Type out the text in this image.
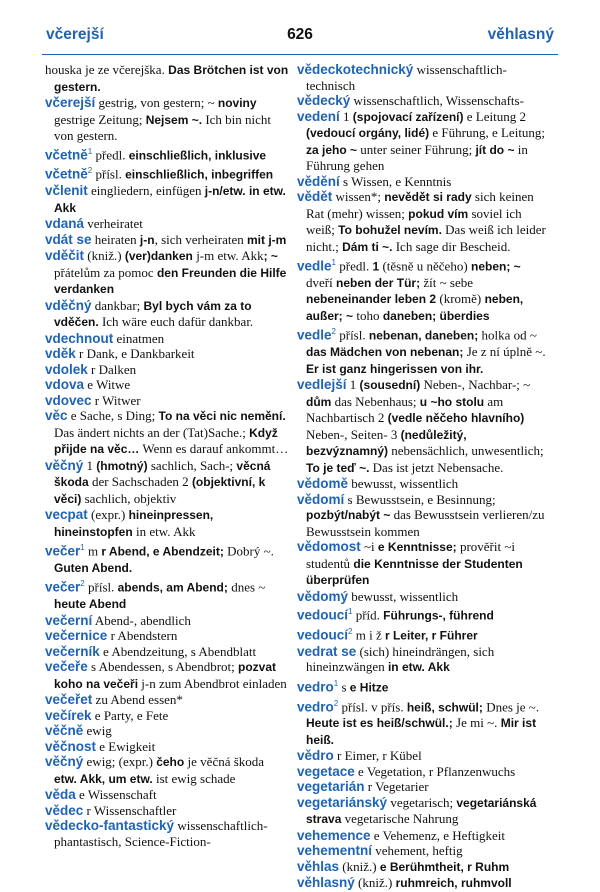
včerejší	626	věhlasný

houska je ze včerejška. Das Brötchen ist von gestern.

včerejší gestrig, von gestern; ~ noviny gestrige Zeitung; Nejsem ~. Ich bin nicht von gestern.

včetně$^1$ předl. einschließlich, inklusive

včetně$^2$ přísl. einschließlich, inbegriffen

včlenit eingliedern, einfügen j-n/etw. in etw. Akk

vdaná verheiratet

vdát se heiraten j-n, sich verheiraten mit j-m

vděčit (kniž.) (ver)danken j-m etw. Akk; ~ přátelům za pomoc den Freunden die Hilfe verdanken

vděčný dankbar; Byl bych vám za to vděčen. Ich wäre euch dafür dankbar.

vdechnout einatmen

vděk r Dank, e Dankbarkeit

vdolek r Dalken

vdova e Witwe

vdovec r Witwer

věc e Sache, s Ding; To na věci nic nemění. Das ändert nichts an der (Tat)Sache.; Když přijde na věc… Wenn es darauf ankommt…

věčný 1 (hmotný) sachlich, Sach-; věcná škoda der Sachschaden 2 (objektivní, k věci) sachlich, objektiv

vecpat (expr.) hineinpressen, hineinstopfen in etw. Akk

večer$^1$ m r Abend, e Abendzeit; Dobrý ~. Guten Abend.

večer$^2$ přísl. abends, am Abend; dnes ~ heute Abend

večerní Abend-, abendlich

večernice r Abendstern

večerník e Abendzeitung, s Abendblatt

večeře s Abendessen, s Abendbrot; pozvat koho na večeři j-n zum Abendbrot einladen

večeřet zu Abend essen*

večírek e Party, e Fete

věčně ewig

věčnost e Ewigkeit

věčný ewig; (expr.) čeho je věčná škoda etw. Akk, um etw. ist ewig schade

věda e Wissenschaft

vědec r Wissenschaftler

vědecko-fantastický wissenschaftlich-phantastisch, Science-Fiction-

vědeckotechnický wissenschaftlich-technisch

vědecký wissenschaftlich, Wissenschafts-

vedení 1 (spojovací zařízení) e Leitung 2 (vedoucí orgány, lidé) e Führung, e Leitung; za jeho ~ unter seiner Führung; jít do ~ in Führung gehen

vědění s Wissen, e Kenntnis

vědět wissen*; nevědět si rady sich keinen Rat (mehr) wissen; pokud vím soviel ich weiß; To bohužel nevím. Das weiß ich leider nicht.; Dám ti ~. Ich sage dir Bescheid.

vedle$^1$ předl. 1 (těsně u něčeho) neben; ~ dveří neben der Tür; žít ~ sebe nebeneinander leben 2 (kromě) neben, außer; ~ toho daneben; überdies

vedle$^2$ přísl. nebenan, daneben; holka od ~ das Mädchen von nebenan; Je z ní úplně ~. Er ist ganz hingerissen von ihr.

vedlejší 1 (sousední) Neben-, Nachbar-; ~ dům das Nebenhaus; u ~ho stolu am Nachbartisch 2 (vedle něčeho hlavního) Neben-, Seiten- 3 (nedůležitý, bezvýznamný) nebensächlich, unwesentlich; To je teď ~. Das ist jetzt Nebensache.

vědomě bewusst, wissentlich

vědomí s Bewusstsein, e Besinnung; pozbýt/nabýt ~ das Bewusstsein verlieren/zu Bewusstsein kommen

vědomost ~i e Kenntnisse; prověřit ~i studentů die Kenntnisse der Studenten überprüfen

vědomý bewusst, wissentlich

vedoucí$^1$ příd. Führungs-, führend

vedoucí$^2$ m i ž r Leiter, r Führer

vedrat se (sich) hineindrängen, sich hineinzwängen in etw. Akk

vedro$^1$ s e Hitze

vedro$^2$ přísl. v přís. heiß, schwül; Dnes je ~. Heute ist es heiß/schwül.; Je mi ~. Mir ist heiß.

vědro r Eimer, r Kübel

vegetace e Vegetation, r Pflanzenwuchs

vegetarián r Vegetarier

vegetariánský vegetarisch; vegetariánská strava vegetarische Nahrung

vehemence e Vehemenz, e Heftigkeit

vehementní vehement, heftig

věhlas (kniž.) e Berühmtheit, r Ruhm

věhlasný (kniž.) ruhmreich, ruhmvoll
